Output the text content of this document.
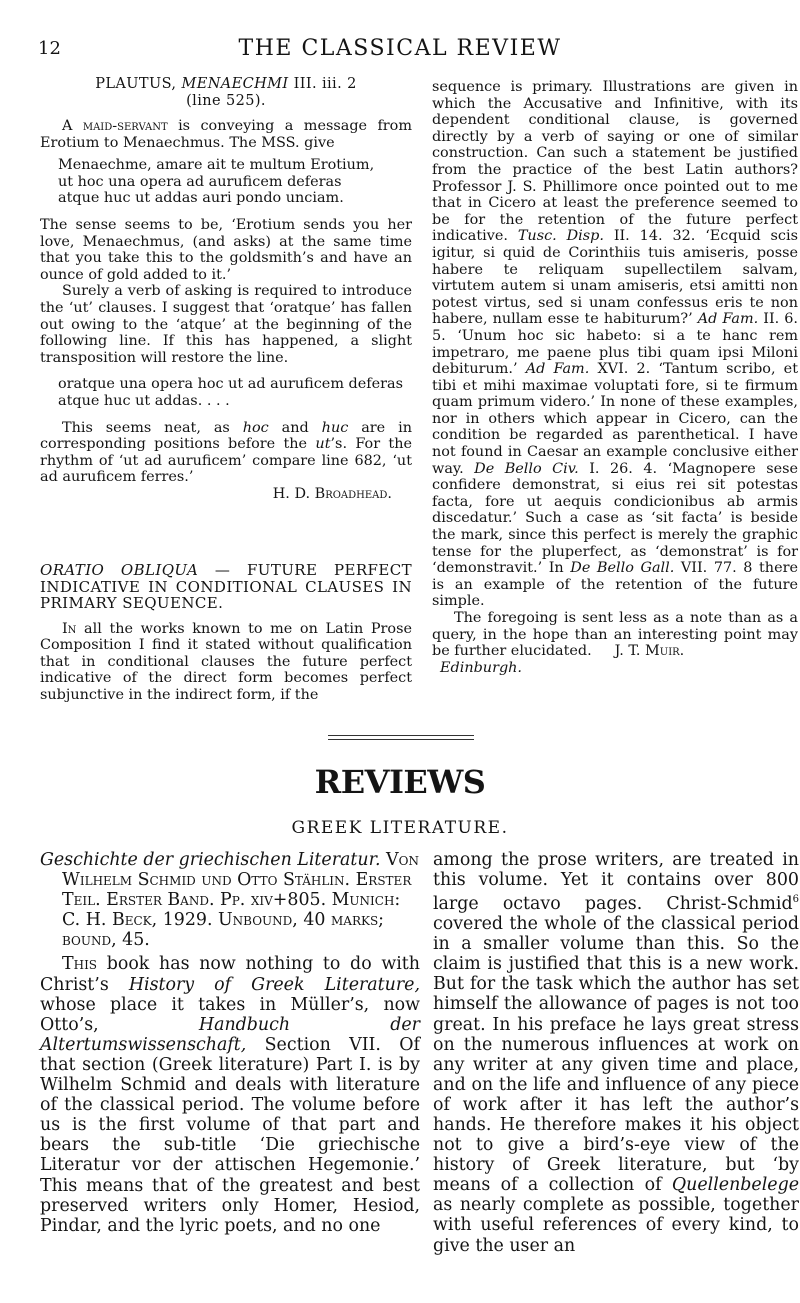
12	THE CLASSICAL REVIEW
PLAUTUS, MENAECHMI III. iii. 2
(line 525).

A maid-servant is conveying a message from Erotium to Menaechmus. The MSS. give

Menaechme, amare ait te multum Erotium,
ut hoc una opera ad auruficem deferas
atque huc ut addas auri pondo unciam.

The sense seems to be, ‘Erotium sends you her love, Menaechmus, (and asks) at the same time that you take this to the goldsmith’s and have an ounce of gold added to it.’

Surely a verb of asking is required to introduce the ‘ut’ clauses. I suggest that ‘oratque’ has fallen out owing to the ‘atque’ at the beginning of the following line. If this has happened, a slight transposition will restore the line.

oratque una opera hoc ut ad auruficem deferas
atque huc ut addas. . . .

This seems neat, as hoc and huc are in corresponding positions before the ut’s. For the rhythm of ‘ut ad auruficem’ compare line 682, ‘ut ad auruficem ferres.’

H. D. Broadhead.

ORATIO OBLIQUA — FUTURE PERFECT INDICATIVE IN CONDITIONAL CLAUSES IN PRIMARY SEQUENCE.

In all the works known to me on Latin Prose Composition I find it stated without qualification that in conditional clauses the future perfect indicative of the direct form becomes perfect subjunctive in the indirect form, if the

sequence is primary. Illustrations are given in which the Accusative and Infinitive, with its dependent conditional clause, is governed directly by a verb of saying or one of similar construction. Can such a statement be justified from the practice of the best Latin authors? Professor J. S. Phillimore once pointed out to me that in Cicero at least the preference seemed to be for the retention of the future perfect indicative. Tusc. Disp. II. 14. 32. ‘Ecquid scis igitur, si quid de Corinthiis tuis amiseris, posse habere te reliquam supellectilem salvam, virtutem autem si unam amiseris, etsi amitti non potest virtus, sed si unam confessus eris te non habere, nullam esse te habiturum?’ Ad Fam. II. 6. 5. ‘Unum hoc sic habeto: si a te hanc rem impetraro, me paene plus tibi quam ipsi Miloni debiturum.’ Ad Fam. XVI. 2. ‘Tantum scribo, et tibi et mihi maximae voluptati fore, si te firmum quam primum videro.’ In none of these examples, nor in others which appear in Cicero, can the condition be regarded as parenthetical. I have not found in Caesar an example conclusive either way. De Bello Civ. I. 26. 4. ‘Magnopere sese confidere demonstrat, si eius rei sit potestas facta, fore ut aequis condicionibus ab armis discedatur.’ Such a case as ‘sit facta’ is beside the mark, since this perfect is merely the graphic tense for the pluperfect, as ‘demonstrat’ is for ‘demonstravit.’ In De Bello Gall. VII. 77. 8 there is an example of the retention of the future simple.

The foregoing is sent less as a note than as a query, in the hope than an interesting point may be further elucidated. J. T. Muir.

Edinburgh.

REVIEWS
GREEK LITERATURE.

Geschichte der griechischen Literatur. Von Wilhelm Schmid und Otto Stählin. Erster Teil. Erster Band. Pp. xiv+805. Munich: C. H. Beck, 1929. Unbound, 40 marks; bound, 45.

This book has now nothing to do with Christ’s History of Greek Literature, whose place it takes in Müller’s, now Otto’s, Handbuch der Altertumswissenschaft, Section VII. Of that section (Greek literature) Part I. is by Wilhelm Schmid and deals with literature of the classical period. The volume before us is the first volume of that part and bears the sub-title ‘Die griechische Literatur vor der attischen Hegemonie.’ This means that of the greatest and best preserved writers only Homer, Hesiod, Pindar, and the lyric poets, and no one

among the prose writers, are treated in this volume. Yet it contains over 800 large octavo pages. Christ-Schmid$^6$ covered the whole of the classical period in a smaller volume than this. So the claim is justified that this is a new work. But for the task which the author has set himself the allowance of pages is not too great. In his preface he lays great stress on the numerous influences at work on any writer at any given time and place, and on the life and influence of any piece of work after it has left the author’s hands. He therefore makes it his object not to give a bird’s-eye view of the history of Greek literature, but ‘by means of a collection of Quellenbelege as nearly complete as possible, together with useful references of every kind, to give the user an
